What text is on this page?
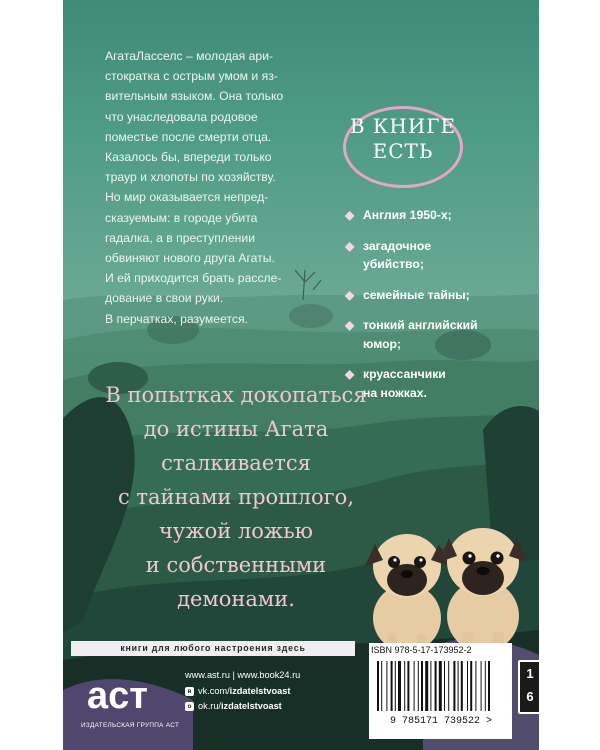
АгатаЛасселс – молодая ари-

стократка с острым умом и яз-

вительным языком. Она только

что унаследовала родовое

поместье после смерти отца.

Казалось бы, впереди только

траур и хлопоты по хозяйству.

Но мир оказывается непред-

сказуемым: в городе убита

гадалка, а в преступлении

обвиняют нового друга Агаты.

И ей приходится брать рассле-

дование в свои руки.

В перчатках, разумеется.

В КНИГЕ
ЕСТЬ
◆ Англия 1950-х;

◆ загадочное
убийство;
◆ семейные тайны;

◆ тонкий английский
юмор;
◆ круассанчики
на ножках.

В попытках докопаться

до истины Агата

сталкивается

с тайнами прошлого,

чужой ложью

и собственными

демонами.

книги для любого настроения здесь
аст
ИЗДАТЕЛЬСКАЯ ГРУППА АСТ
www.ast.ru | www.book24.ru
в vk.com/ izdatelstvoast
о ok.ru/ izdatelstvoast
ISBN 978-5-17-173952-2
9 785171 739522 >
1
6
